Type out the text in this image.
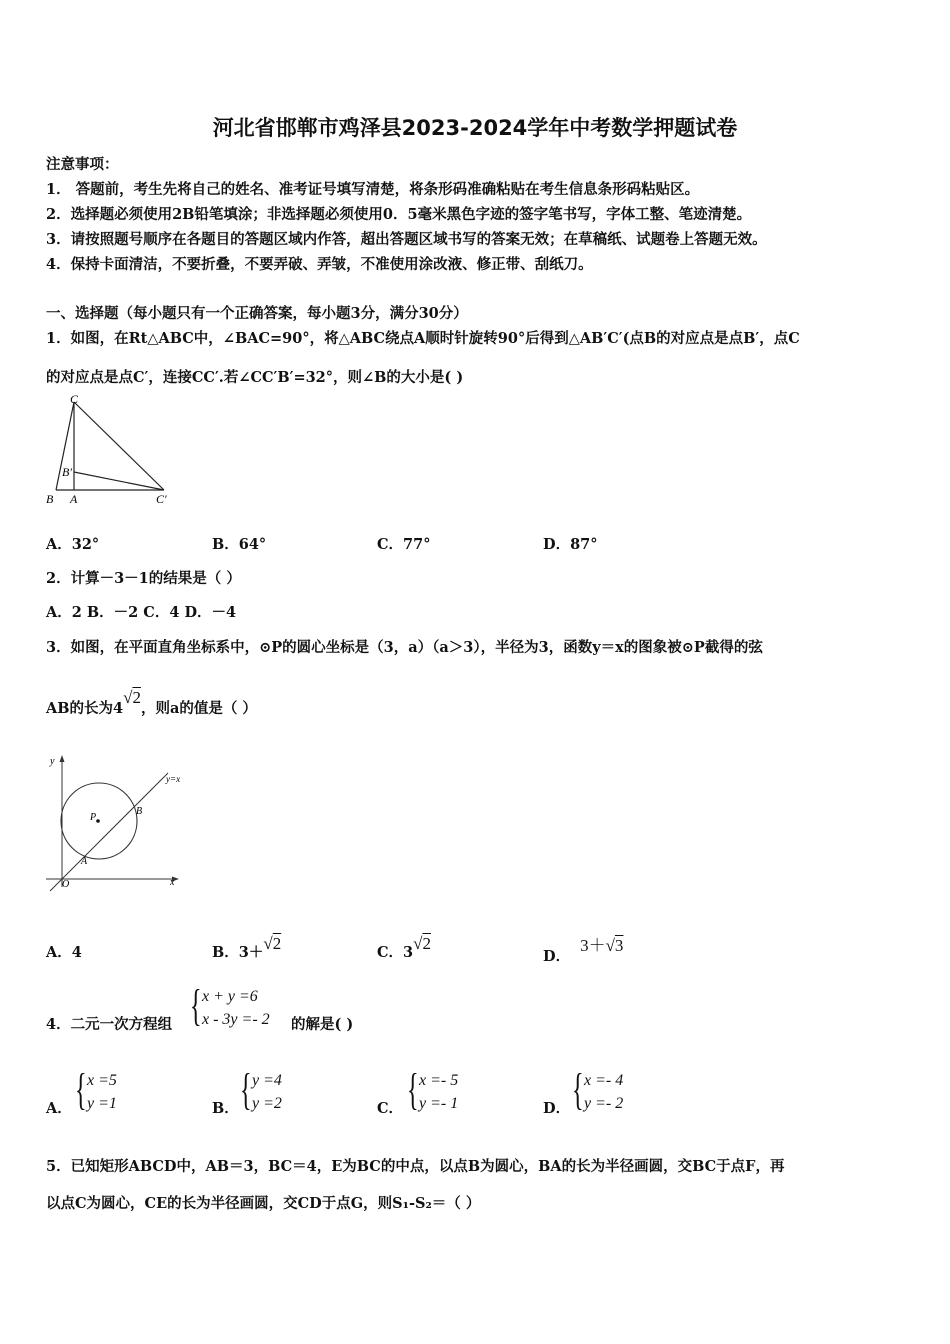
河北省邯郸市鸡泽县2023-2024学年中考数学押题试卷
注意事项：
1． 答题前，考生先将自己的姓名、准考证号填写清楚，将条形码准确粘贴在考生信息条形码粘贴区。
2．选择题必须使用2B铅笔填涂；非选择题必须使用0．5毫米黑色字迹的签字笔书写，字体工整、笔迹清楚。
3．请按照题号顺序在各题目的答题区域内作答，超出答题区域书写的答案无效；在草稿纸、试题卷上答题无效。
4．保持卡面清洁，不要折叠，不要弄破、弄皱，不准使用涂改液、修正带、刮纸刀。
一、选择题（每小题只有一个正确答案，每小题3分，满分30分）
1．如图，在Rt△ABC中，∠BAC=90°，将△ABC绕点A顺时针旋转90°后得到△AB′C′(点B的对应点是点B′，点C
的对应点是点C′，连接CC′.若∠CC′B′=32°，则∠B的大小是( )
C
B′
B A	C′
A．32°	B．64°	C．77°	D．87°
2．计算－3－1的结果是（ ）
A．2 B．－2 C．4 D．－4
3．如图，在平面直角坐标系中，⊙P的圆心坐标是（3，a）（a＞3），半径为3，函数y＝x的图象被⊙P截得的弦
AB的长为4√2，则a的值是（ ）
y
y=x
P
B
A
O	x
A．4	B．3＋√2	C．3√2
D．3＋√3
4．二元一次方程组 { x + y =6
x - 3y =- 2 的解是( )
A． { x =5
y =1	B． { y =4
y =2	C． { x =- 5
y =- 1	D． { x =- 4
y =- 2
5．已知矩形ABCD中，AB＝3，BC＝4，E为BC的中点，以点B为圆心，BA的长为半径画圆，交BC于点F，再
以点C为圆心，CE的长为半径画圆，交CD于点G，则S₁-S₂＝（ ）
